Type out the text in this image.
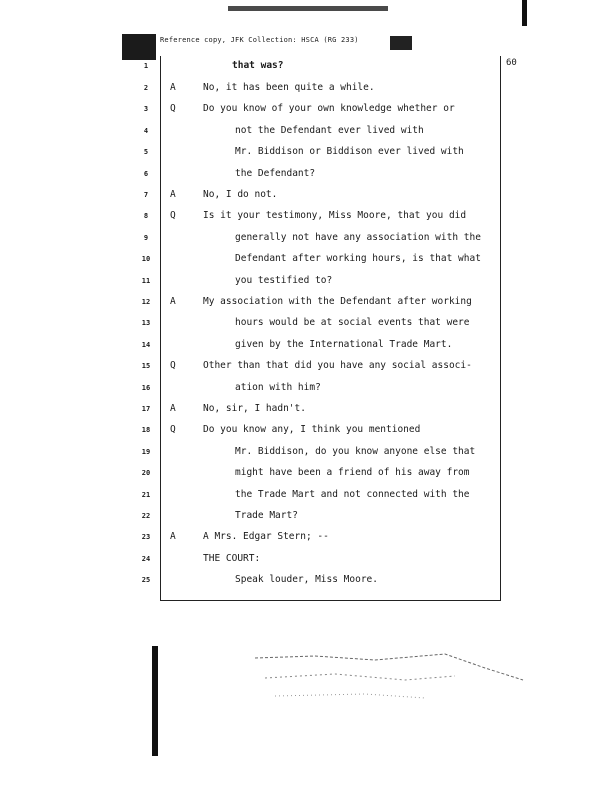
Reference copy, JFK Collection: HSCA (RG 233)
60
1	that was?
2	A	No, it has been quite a while.
3	Q	Do you know of your own knowledge whether or
4	not the Defendant ever lived with
5	Mr. Biddison or Biddison ever lived with
6	the Defendant?
7	A	No, I do not.
8	Q	Is it your testimony, Miss Moore, that you did
9	generally not have any association with the
10	Defendant after working hours, is that what
11	you testified to?
12	A	My association with the Defendant after working
13	hours would be at social events that were
14	given by the International Trade Mart.
15	Q	Other than that did you have any social associ-
16	ation with him?
17	A	No, sir, I hadn't.
18	Q	Do you know any, I think you mentioned
19	Mr. Biddison, do you know anyone else that
20	might have been a friend of his away from
21	the Trade Mart and not connected with the
22	Trade Mart?
23	A	A Mrs. Edgar Stern; --
24	THE COURT:
25	Speak louder, Miss Moore.
